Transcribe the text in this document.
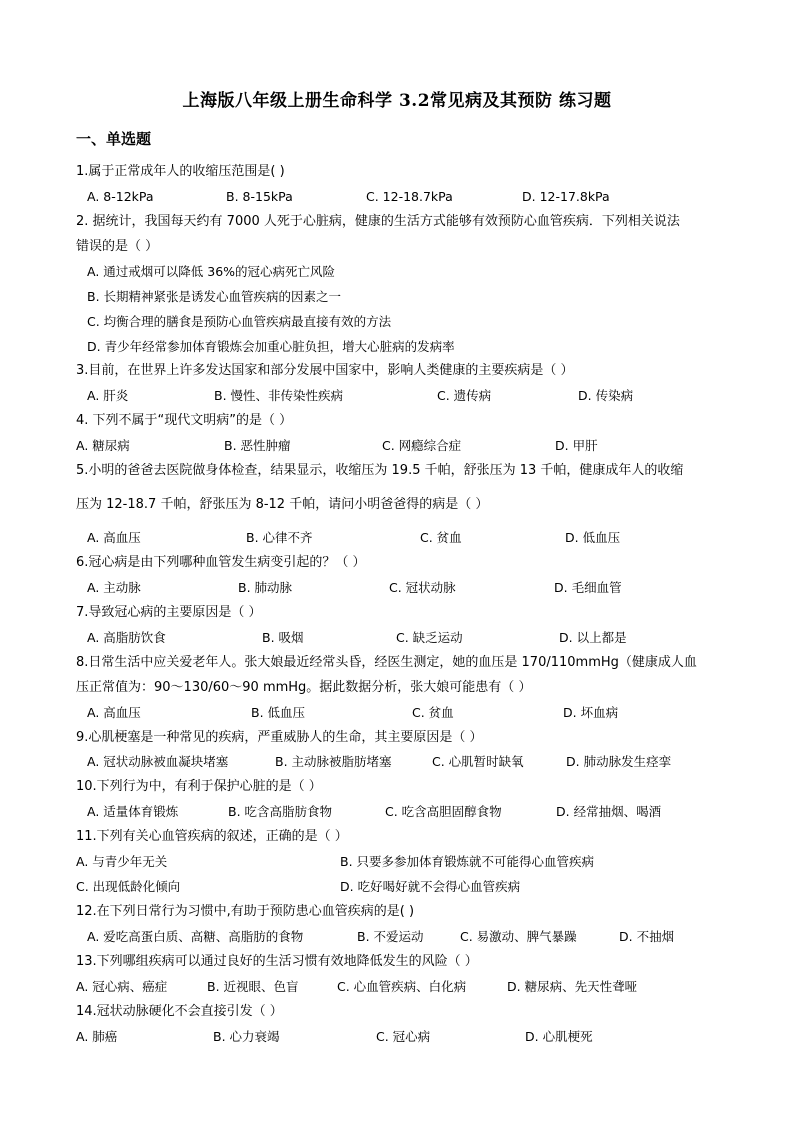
上海版八年级上册生命科学 3.2常见病及其预防 练习题
一、单选题
1.属于正常成年人的收缩压范围是( )
A. 8-12kPa	B. 8-15kPa	C. 12-18.7kPa	D. 12-17.8kPa
2. 据统计，我国每天约有 7000 人死于心脏病，健康的生活方式能够有效预防心血管疾病．下列相关说法
错误的是（ ）
A. 通过戒烟可以降低 36%的冠心病死亡风险
B. 长期精神紧张是诱发心血管疾病的因素之一
C. 均衡合理的膳食是预防心血管疾病最直接有效的方法
D. 青少年经常参加体育锻炼会加重心脏负担，增大心脏病的发病率
3.目前，在世界上许多发达国家和部分发展中国家中，影响人类健康的主要疾病是（ ）
A. 肝炎	B. 慢性、非传染性疾病	C. 遗传病	D. 传染病
4. 下列不属于“现代文明病”的是（ ）
A. 糖尿病	B. 恶性肿瘤	C. 网瘾综合症	D. 甲肝
5.小明的爸爸去医院做身体检查，结果显示，收缩压为 19.5 千帕，舒张压为 13 千帕，健康成年人的收缩
压为 12-18.7 千帕，舒张压为 8-12 千帕，请问小明爸爸得的病是（ ）
A. 高血压	B. 心律不齐	C. 贫血	D. 低血压
6.冠心病是由下列哪种血管发生病变引起的？（ ）
A. 主动脉	B. 肺动脉	C. 冠状动脉	D. 毛细血管
7.导致冠心病的主要原因是（ ）
A. 高脂肪饮食	B. 吸烟	C. 缺乏运动	D. 以上都是
8.日常生活中应关爱老年人。张大娘最近经常头昏，经医生测定，她的血压是 170/110mmHg（健康成人血
压正常值为：90～130/60～90 mmHg。据此数据分析，张大娘可能患有（ ）
A. 高血压	B. 低血压	C. 贫血	D. 坏血病
9.心肌梗塞是一种常见的疾病，严重威胁人的生命，其主要原因是（ ）
A. 冠状动脉被血凝块堵塞	B. 主动脉被脂肪堵塞	C. 心肌暂时缺氧	D. 肺动脉发生痉挛
10.下列行为中，有利于保护心脏的是（ ）
A. 适量体育锻炼	B. 吃含高脂肪食物	C. 吃含高胆固醇食物	D. 经常抽烟、喝酒
11.下列有关心血管疾病的叙述，正确的是（ ）
A. 与青少年无关	B. 只要多参加体育锻炼就不可能得心血管疾病
C. 出现低龄化倾向	D. 吃好喝好就不会得心血管疾病
12.在下列日常行为习惯中,有助于预防患心血管疾病的是( )
A. 爱吃高蛋白质、高糖、高脂肪的食物	B. 不爱运动	C. 易激动、脾气暴躁	D. 不抽烟
13.下列哪组疾病可以通过良好的生活习惯有效地降低发生的风险（ ）
A. 冠心病、癌症	B. 近视眼、色盲	C. 心血管疾病、白化病	D. 糖尿病、先天性聋哑
14.冠状动脉硬化不会直接引发（ ）
A. 肺癌	B. 心力衰竭	C. 冠心病	D. 心肌梗死
